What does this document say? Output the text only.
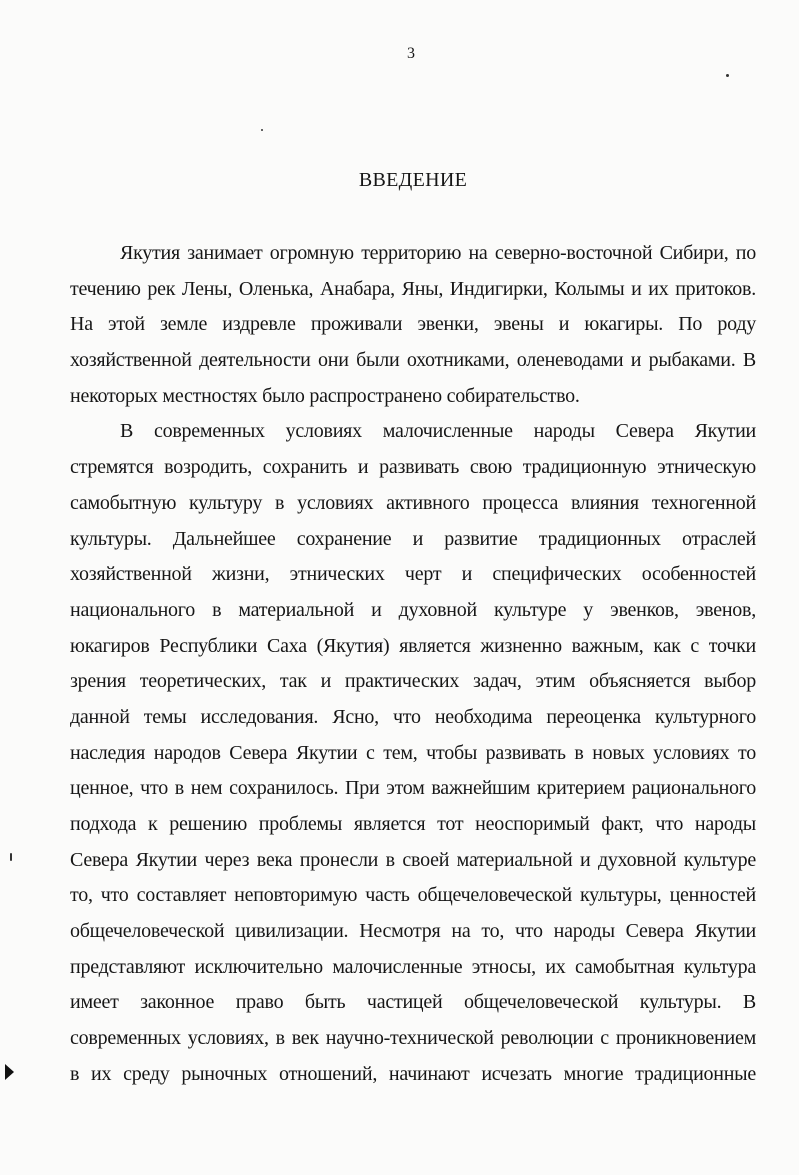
3
ВВЕДЕНИЕ
Якутия занимает огромную территорию на северно-восточной Сибири, по
течению рек Лены, Оленька, Анабара, Яны, Индигирки, Колымы и их притоков.
На этой земле издревле проживали эвенки, эвены и юкагиры. По роду
хозяйственной деятельности они были охотниками, оленеводами и рыбаками. В
некоторых местностях было распространено собирательство.
В современных условиях малочисленные народы Севера Якутии
стремятся возродить, сохранить и развивать свою традиционную этническую
самобытную культуру в условиях активного процесса влияния техногенной
культуры. Дальнейшее сохранение и развитие традиционных отраслей
хозяйственной жизни, этнических черт и специфических особенностей
национального в материальной и духовной культуре у эвенков, эвенов,
юкагиров Республики Саха (Якутия) является жизненно важным, как с точки
зрения теоретических, так и практических задач, этим объясняется выбор
данной темы исследования. Ясно, что необходима переоценка культурного
наследия народов Севера Якутии с тем, чтобы развивать в новых условиях то
ценное, что в нем сохранилось. При этом важнейшим критерием рационального
подхода к решению проблемы является тот неоспоримый факт, что народы
Севера Якутии через века пронесли в своей материальной и духовной культуре
то, что составляет неповторимую часть общечеловеческой культуры, ценностей
общечеловеческой цивилизации. Несмотря на то, что народы Севера Якутии
представляют исключительно малочисленные этносы, их самобытная культура
имеет законное право быть частицей общечеловеческой культуры. В
современных условиях, в век научно-технической революции с проникновением
в их среду рыночных отношений, начинают исчезать многие традиционные
